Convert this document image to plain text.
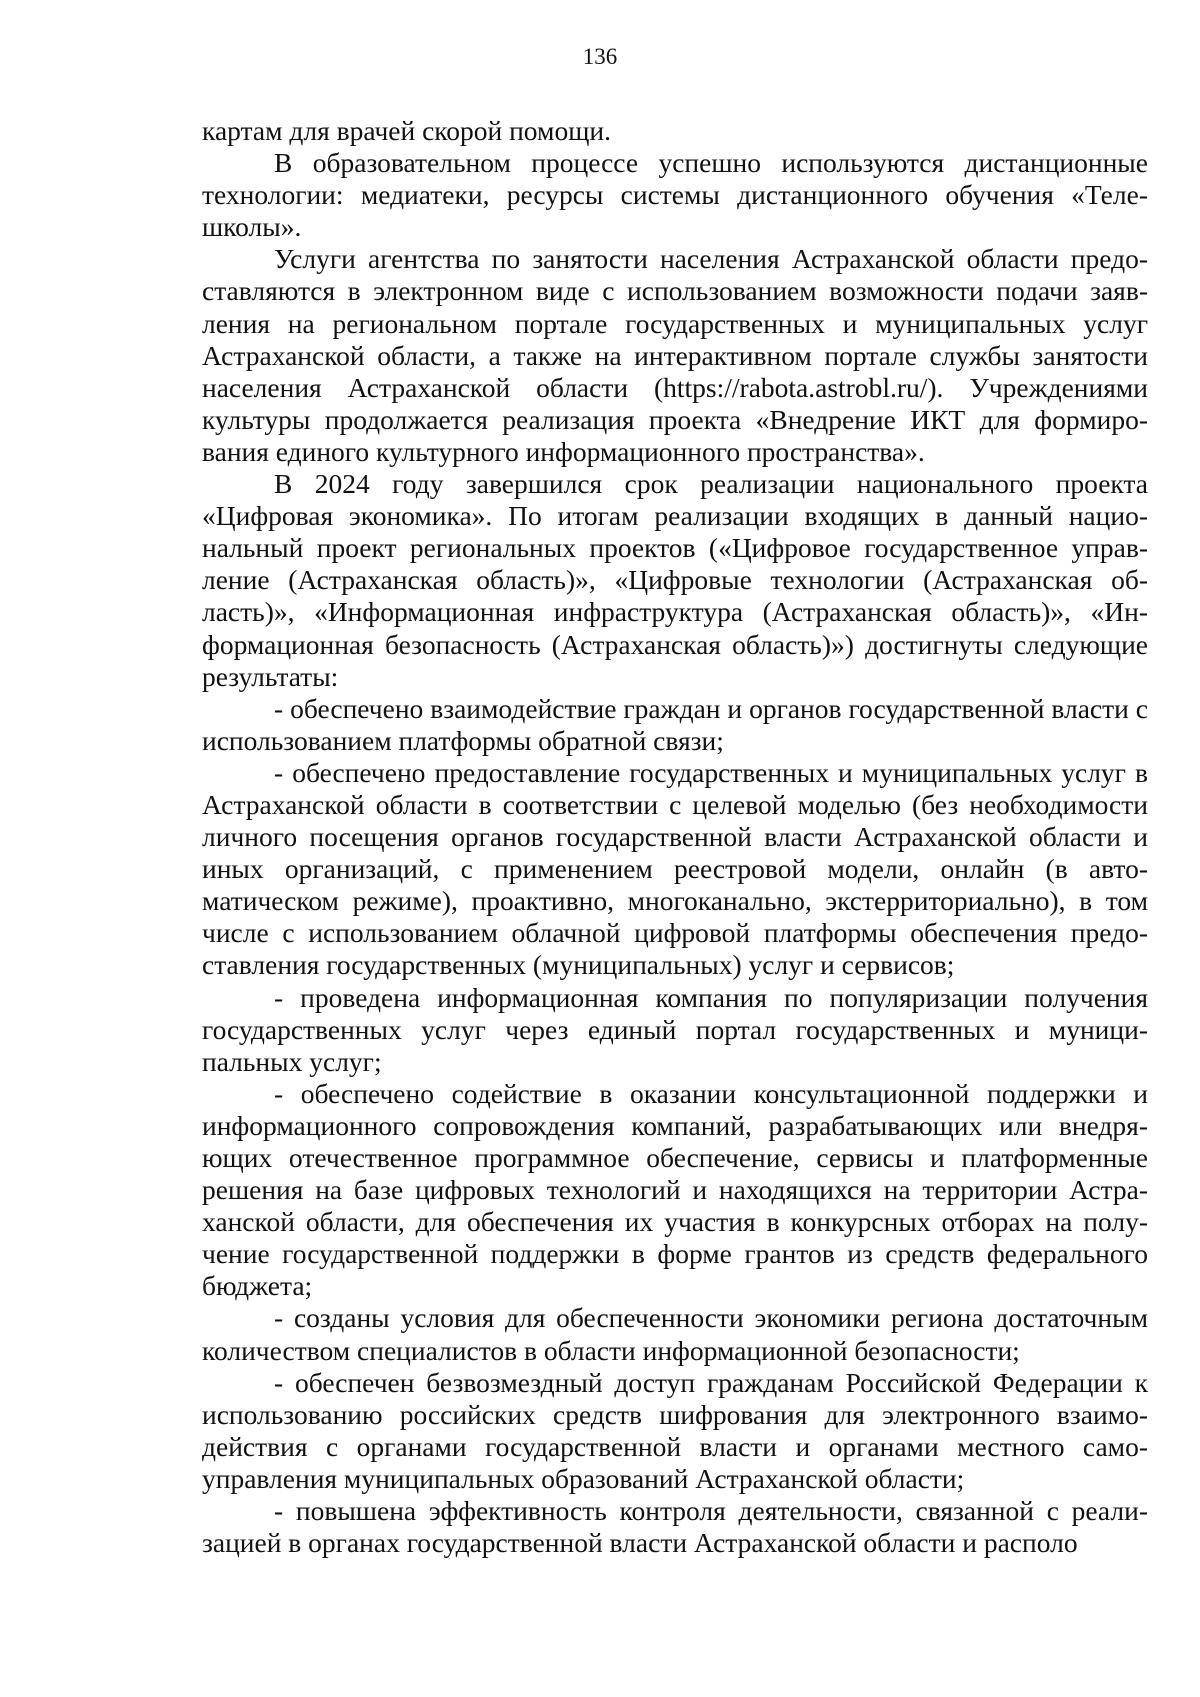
136

картам для врачей скорой помощи.

В образовательном процессе успешно используются дистанционные технологии: медиатеки, ресурсы системы дистанционного обучения «Телешколы».

Услуги агентства по занятости населения Астраханской области предоставляются в электронном виде с использованием возможности подачи заявления на региональном портале государственных и муниципальных услуг Астраханской области, а также на интерактивном портале службы занятости населения Астраханской области (https://rabota.astrobl.ru/). Учреждениями культуры продолжается реализация проекта «Внедрение ИКТ для формирования единого культурного информационного пространства».

В 2024 году завершился срок реализации национального проекта «Цифровая экономика». По итогам реализации входящих в данный национальный проект региональных проектов («Цифровое государственное управление (Астраханская область)», «Цифровые технологии (Астраханская область)», «Информационная инфраструктура (Астраханская область)», «Информационная безопасность (Астраханская область)») достигнуты следующие результаты:

- обеспечено взаимодействие граждан и органов государственной власти с использованием платформы обратной связи;

- обеспечено предоставление государственных и муниципальных услуг в Астраханской области в соответствии с целевой моделью (без необходимости личного посещения органов государственной власти Астраханской области и иных организаций, с применением реестровой модели, онлайн (в автоматическом режиме), проактивно, многоканально, экстерриториально), в том числе с использованием облачной цифровой платформы обеспечения предоставления государственных (муниципальных) услуг и сервисов;

- проведена информационная компания по популяризации получения государственных услуг через единый портал государственных и муниципальных услуг;

- обеспечено содействие в оказании консультационной поддержки и информационного сопровождения компаний, разрабатывающих или внедряющих отечественное программное обеспечение, сервисы и платформенные решения на базе цифровых технологий и находящихся на территории Астраханской области, для обеспечения их участия в конкурсных отборах на получение государственной поддержки в форме грантов из средств федерального бюджета;

- созданы условия для обеспеченности экономики региона достаточным количеством специалистов в области информационной безопасности;

- обеспечен безвозмездный доступ гражданам Российской Федерации к использованию российских средств шифрования для электронного взаимодействия с органами государственной власти и органами местного самоуправления муниципальных образований Астраханской области;

- повышена эффективность контроля деятельности, связанной с реализацией в органах государственной власти Астраханской области и располо
